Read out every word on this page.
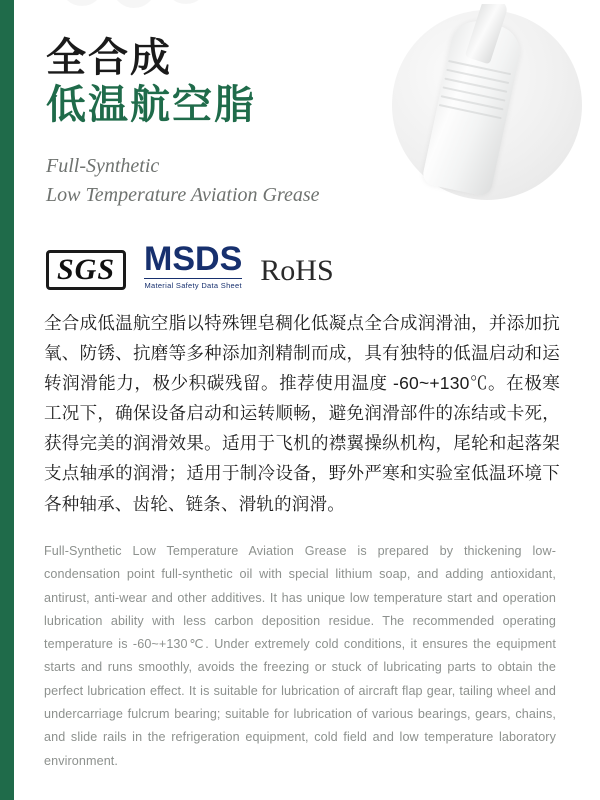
全合成
低温航空脂
Full-Synthetic
Low Temperature Aviation Grease
SGS MSDS
Material Safety Data Sheet RoHS
全合成低温航空脂以特殊锂皂稠化低凝点全合成润滑油，并添加抗氧、防锈、抗磨等多种添加剂精制而成，具有独特的低温启动和运转润滑能力，极少积碳残留。推荐使用温度 -60~+130℃。在极寒工况下，确保设备启动和运转顺畅，避免润滑部件的冻结或卡死，获得完美的润滑效果。适用于飞机的襟翼操纵机构，尾轮和起落架支点轴承的润滑；适用于制冷设备，野外严寒和实验室低温环境下各种轴承、齿轮、链条、滑轨的润滑。
Full-Synthetic Low Temperature Aviation Grease is prepared by thickening low-condensation point full-synthetic oil with special lithium soap, and adding antioxidant, antirust, anti-wear and other additives. It has unique low temperature start and operation lubrication ability with less carbon deposition residue. The recommended operating temperature is -60~+130℃. Under extremely cold conditions, it ensures the equipment starts and runs smoothly, avoids the freezing or stuck of lubricating parts to obtain the perfect lubrication effect. It is suitable for lubrication of aircraft flap gear, tailing wheel and undercarriage fulcrum bearing; suitable for lubrication of various bearings, gears, chains, and slide rails in the refrigeration equipment, cold field and low temperature laboratory environment.
